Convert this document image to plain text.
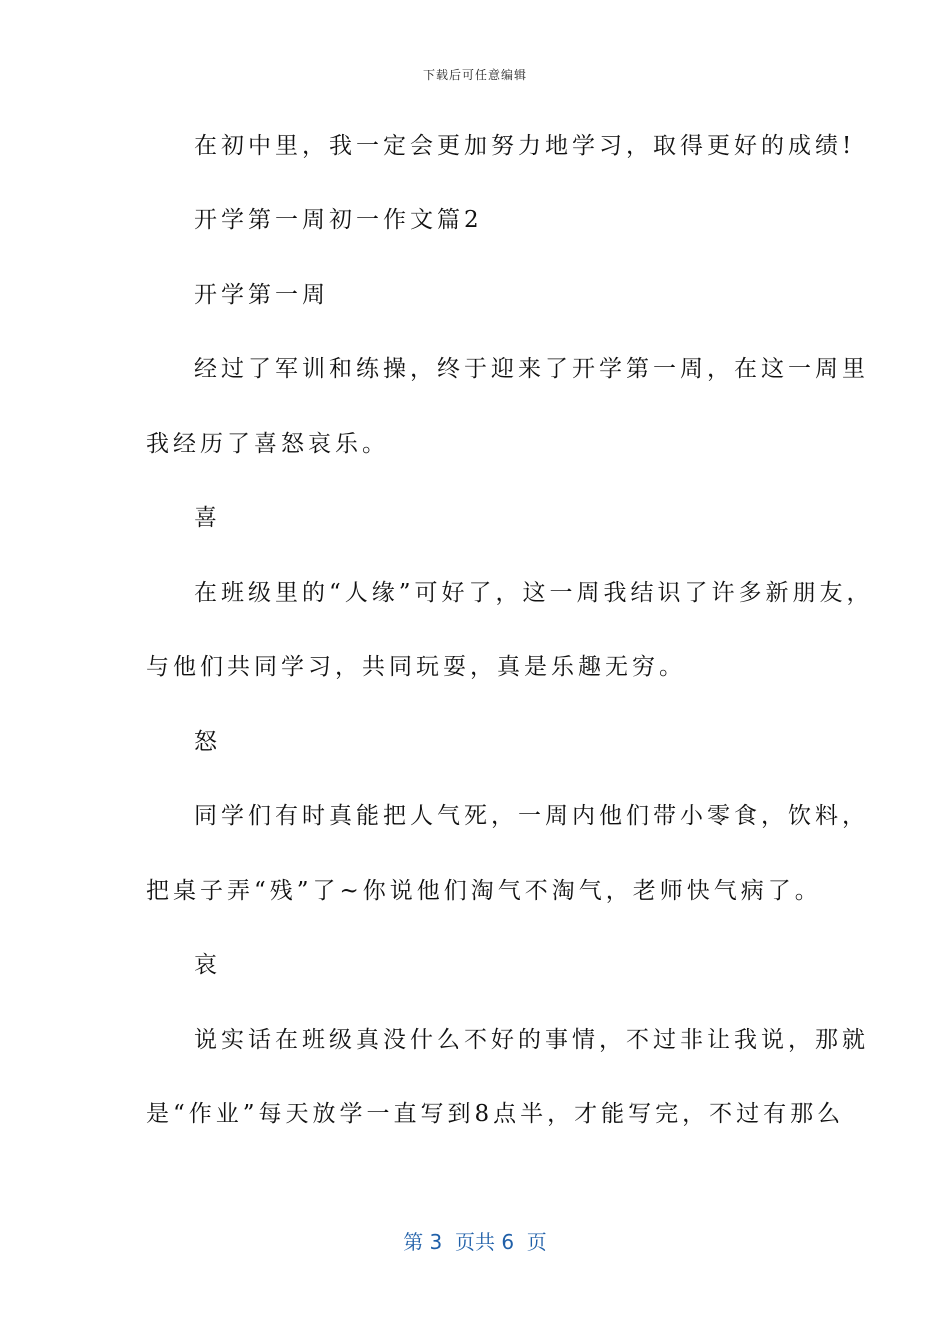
下载后可任意编辑
在初中里，我一定会更加努力地学习，取得更好的成绩!
开学第一周初一作文篇2
开学第一周
经过了军训和练操，终于迎来了开学第一周，在这一周里
我经历了喜怒哀乐。
喜
在班级里的“人缘”可好了，这一周我结识了许多新朋友，
与他们共同学习，共同玩耍，真是乐趣无穷。
怒
同学们有时真能把人气死，一周内他们带小零食，饮料，
把桌子弄“残”了~你说他们淘气不淘气，老师快气病了。
哀
说实话在班级真没什么不好的事情，不过非让我说，那就
是“作业”每天放学一直写到8点半，才能写完，不过有那么
第 3  页共 6  页
